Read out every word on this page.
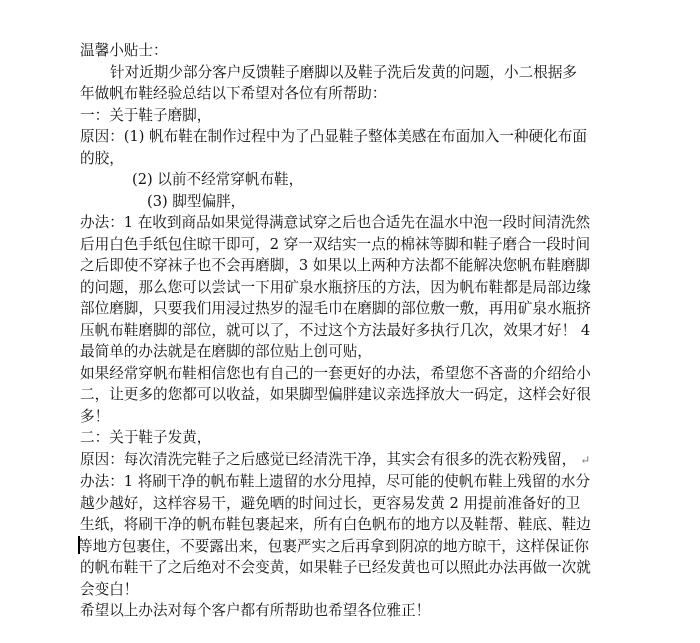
温馨小贴士：
针对近期少部分客户反馈鞋子磨脚以及鞋子洗后发黄的问题，小二根据多
年做帆布鞋经验总结以下希望对各位有所帮助：
一：关于鞋子磨脚，
原因：(1) 帆布鞋在制作过程中为了凸显鞋子整体美感在布面加入一种硬化布面
的胶，
(2) 以前不经常穿帆布鞋，
(3) 脚型偏胖，
办法：1 在收到商品如果觉得满意试穿之后也合适先在温水中泡一段时间清洗然
后用白色手纸包住晾干即可，2 穿一双结实一点的棉袜等脚和鞋子磨合一段时间
之后即使不穿袜子也不会再磨脚，3 如果以上两种方法都不能解决您帆布鞋磨脚
的问题，那么您可以尝试一下用矿泉水瓶挤压的方法，因为帆布鞋都是局部边缘
部位磨脚，只要我们用浸过热岁的湿毛巾在磨脚的部位敷一敷，再用矿泉水瓶挤
压帆布鞋磨脚的部位，就可以了，不过这个方法最好多执行几次，效果才好！ 4
最简单的办法就是在磨脚的部位贴上创可贴，
如果经常穿帆布鞋相信您也有自己的一套更好的办法，希望您不吝啬的介绍给小
二，让更多的您都可以收益，如果脚型偏胖建议亲选择放大一码定，这样会好很
多！
二：关于鞋子发黄，
原因：每次清洗完鞋子之后感觉已经清洗干净，其实会有很多的洗衣粉残留， ↵
办法：1 将刷干净的帆布鞋上遗留的水分甩掉，尽可能的使帆布鞋上残留的水分
越少越好，这样容易干，避免晒的时间过长，更容易发黄 2 用提前准备好的卫
生纸，将刷干净的帆布鞋包裹起来，所有白色帆布的地方以及鞋帮、鞋底、鞋边
等地方包裹住，不要露出来，包裹严实之后再拿到阴凉的地方晾干，这样保证你
的帆布鞋干了之后绝对不会变黄，如果鞋子已经发黄也可以照此办法再做一次就
会变白！
希望以上办法对每个客户都有所帮助也希望各位雅正！
